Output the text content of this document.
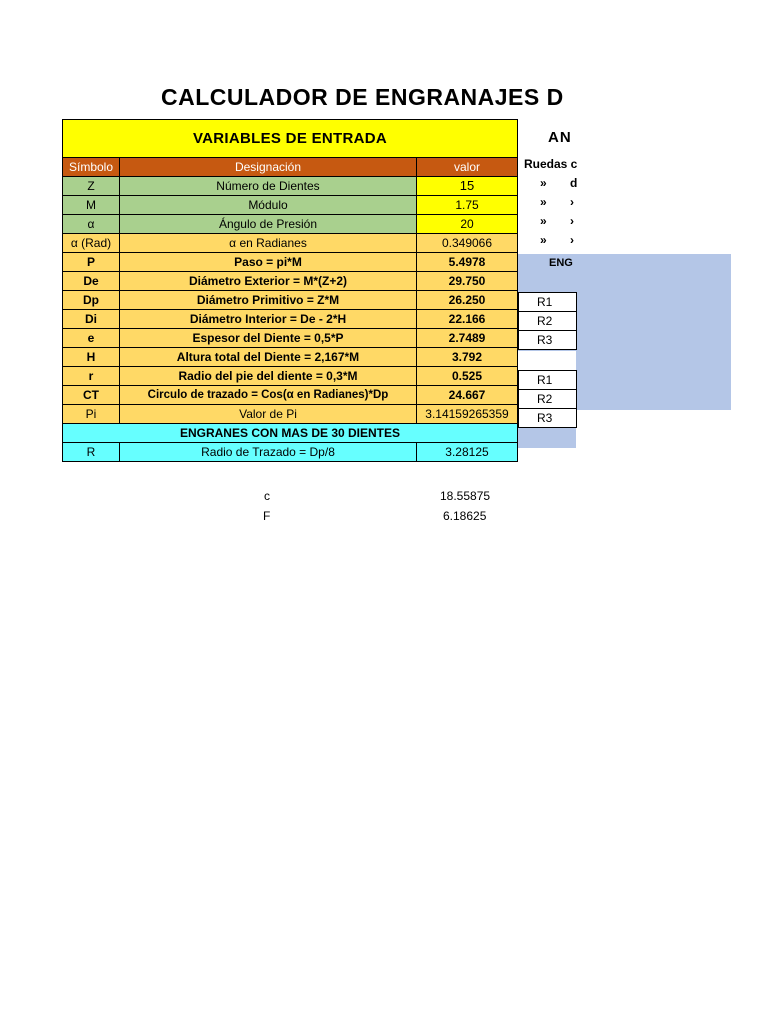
CALCULADOR DE ENGRANAJES D
VARIABLES DE ENTRADA		
Símbolo	Designación	valor
Z	Número de Dientes	15
M	Módulo	1.75
α	Ángulo de Presión	20
α (Rad)	α en Radianes	0.349066
P	Paso = pi*M	5.4978
De	Diámetro Exterior = M*(Z+2)	29.750
Dp	Diámetro Primitivo = Z*M	26.250
Di	Diámetro Interior = De - 2*H	22.166
e	Espesor del Diente = 0,5*P	2.7489
H	Altura total del Diente = 2,167*M	3.792
r	Radio del pie del diente = 0,3*M	0.525
CT	Circulo de trazado = Cos(α en Radianes)*Dp	24.667
Pi	Valor de Pi	3.14159265359
ENGRANES CON MAS DE 30 DIENTES		
R	Radio de Trazado = Dp/8	3.28125
AN
Ruedas c
» d
» ›
» ›
» ›
ENG
R1
R2
R3
R1
R2
R3
c	18.55875
F	6.18625
